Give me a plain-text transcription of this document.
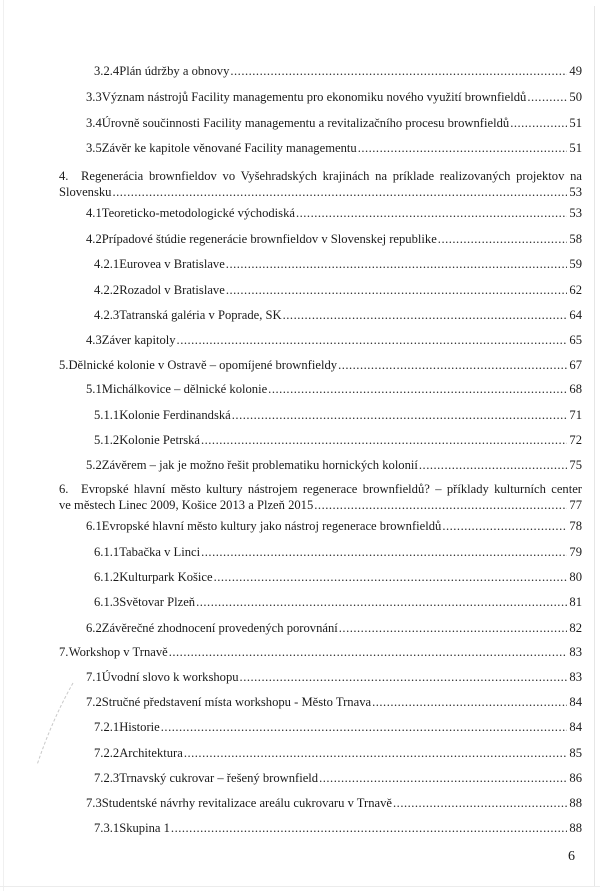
3.2.4 Plán údržby a obnovy .....	49
3.3 Význam nástrojů Facility managementu pro ekonomiku nového využití brownfieldů .....	50
3.4 Úrovně součinnosti Facility managementu a revitalizačního procesu brownfieldů .....	51
3.5 Závěr ke kapitole věnované Facility managementu .....	51
4. Regenerácia brownfieldov vo Vyšehradských krajinách na príklade realizovaných projektov na
Slovensku .....	53
4.1 Teoreticko-metodologické východiská .....	53
4.2 Prípadové štúdie regenerácie brownfieldov v Slovenskej republike .....	58
4.2.1 Eurovea v Bratislave .....	59
4.2.2 Rozadol v Bratislave .....	62
4.2.3 Tatranská galéria v Poprade, SK .....	64
4.3 Záver kapitoly .....	65
5. Dělnické kolonie v Ostravě – opomíjené brownfieldy .....	67
5.1 Michálkovice – dělnické kolonie .....	68
5.1.1 Kolonie Ferdinandská .....	71
5.1.2 Kolonie Petrská .....	72
5.2 Závěrem – jak je možno řešit problematiku hornických kolonií .....	75
6. Evropské hlavní město kultury nástrojem regenerace brownfieldů? – příklady kulturních center
ve městech Linec 2009, Košice 2013 a Plzeň 2015 .....	77
6.1 Evropské hlavní město kultury jako nástroj regenerace brownfieldů .....	78
6.1.1 Tabačka v Linci .....	79
6.1.2 Kulturpark Košice .....	80
6.1.3 Světovar Plzeň .....	81
6.2 Závěrečné zhodnocení provedených porovnání .....	82
7. Workshop v Trnavě .....	83
7.1 Úvodní slovo k workshopu .....	83
7.2 Stručné představení místa workshopu - Město Trnava .....	84
7.2.1 Historie .....	84
7.2.2 Architektura .....	85
7.2.3 Trnavský cukrovar – řešený brownfield .....	86
7.3 Studentské návrhy revitalizace areálu cukrovaru v Trnavě .....	88
7.3.1 Skupina 1 .....	88
6
